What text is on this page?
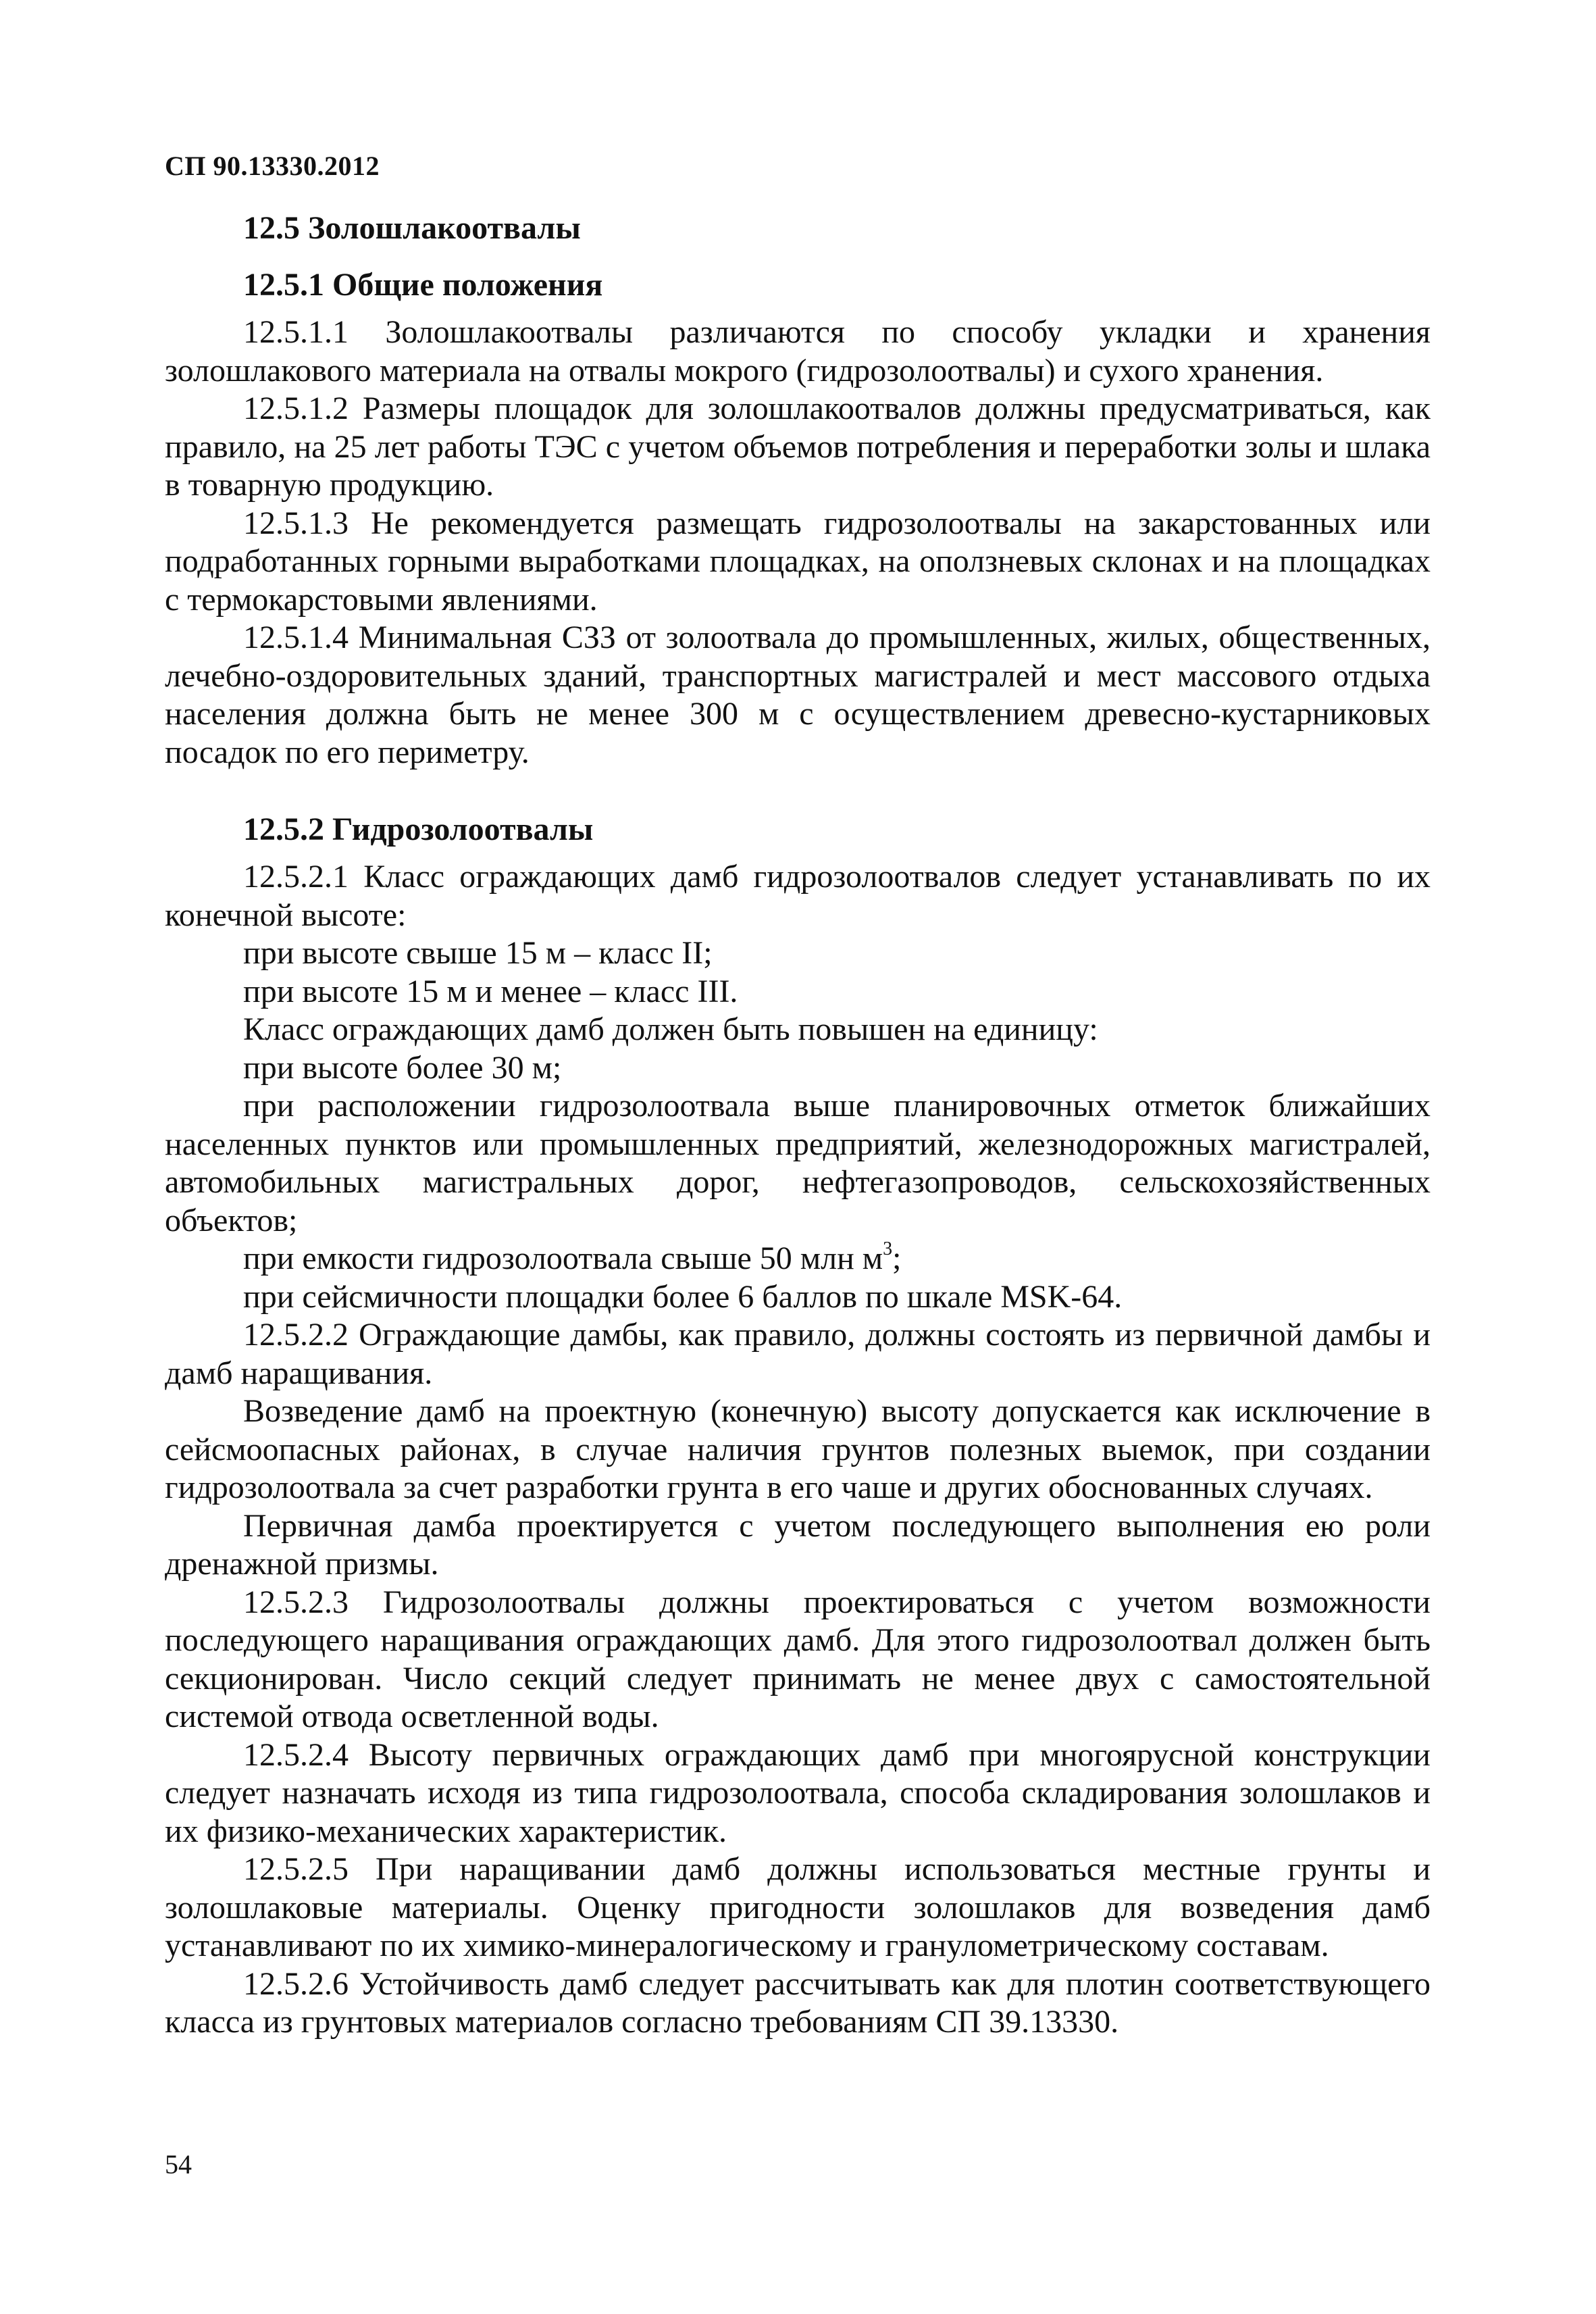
СП 90.13330.2012
12.5 Золошлакоотвалы
12.5.1 Общие положения

12.5.1.1 Золошлакоотвалы различаются по способу укладки и хранения золошлакового материала на отвалы мокрого (гидрозолоотвалы) и сухого хранения.

12.5.1.2 Размеры площадок для золошлакоотвалов должны предусматриваться, как правило, на 25 лет работы ТЭС с учетом объемов потребления и переработки золы и шлака в товарную продукцию.

12.5.1.3 Не рекомендуется размещать гидрозолоотвалы на закарстованных или подработанных горными выработками площадках, на оползневых склонах и на площадках с термокарстовыми явлениями.

12.5.1.4 Минимальная СЗЗ от золоотвала до промышленных, жилых, общественных, лечебно-оздоровительных зданий, транспортных магистралей и мест массового отдыха населения должна быть не менее 300 м с осуществлением древесно-кустарниковых посадок по его периметру.

12.5.2 Гидрозолоотвалы

12.5.2.1 Класс ограждающих дамб гидрозолоотвалов следует устанавливать по их конечной высоте:

при высоте свыше 15 м – класс II;

при высоте 15 м и менее – класс III.

Класс ограждающих дамб должен быть повышен на единицу:

при высоте более 30 м;

при расположении гидрозолоотвала выше планировочных отметок ближайших населенных пунктов или промышленных предприятий, железнодорожных магистралей, автомобильных магистральных дорог, нефтегазопроводов, сельскохозяйственных объектов;

при емкости гидрозолоотвала свыше 50 млн $м^3$;

при сейсмичности площадки более 6 баллов по шкале MSK-64.

12.5.2.2 Ограждающие дамбы, как правило, должны состоять из первичной дамбы и дамб наращивания.

Возведение дамб на проектную (конечную) высоту допускается как исключение в сейсмоопасных районах, в случае наличия грунтов полезных выемок, при создании гидрозолоотвала за счет разработки грунта в его чаше и других обоснованных случаях.

Первичная дамба проектируется с учетом последующего выполнения ею роли дренажной призмы.

12.5.2.3 Гидрозолоотвалы должны проектироваться с учетом возможности последующего наращивания ограждающих дамб. Для этого гидрозолоотвал должен быть секционирован. Число секций следует принимать не менее двух с самостоятельной системой отвода осветленной воды.

12.5.2.4 Высоту первичных ограждающих дамб при многоярусной конструкции следует назначать исходя из типа гидрозолоотвала, способа складирования золошлаков и их физико-механических характеристик.

12.5.2.5 При наращивании дамб должны использоваться местные грунты и золошлаковые материалы. Оценку пригодности золошлаков для возведения дамб устанавливают по их химико-минералогическому и гранулометрическому составам.

12.5.2.6 Устойчивость дамб следует рассчитывать как для плотин соответствующего класса из грунтовых материалов согласно требованиям СП 39.13330.

54
